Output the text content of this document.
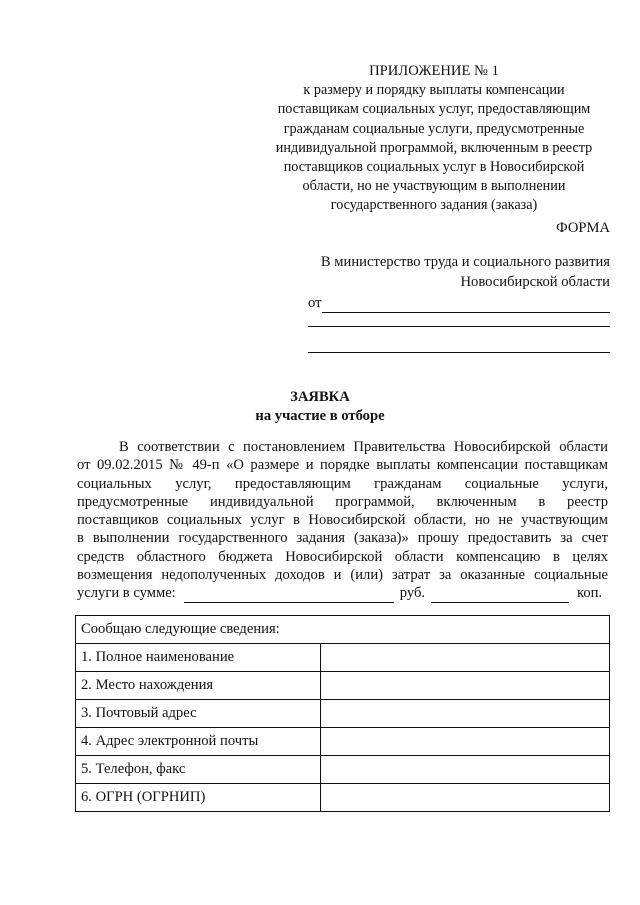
ПРИЛОЖЕНИЕ № 1
к размеру и порядку выплаты компенсации
поставщикам социальных услуг, предоставляющим
гражданам социальные услуги, предусмотренные
индивидуальной программой, включенным в реестр
поставщиков социальных услуг в Новосибирской
области, но не участвующим в выполнении
государственного задания (заказа)
ФОРМА
В министерство труда и социального развития
Новосибирской области
от
ЗАЯВКА
на участие в отборе
В соответствии с постановлением Правительства Новосибирской области
от 09.02.2015 № 49-п «О размере и порядке выплаты компенсации поставщикам
социальных услуг, предоставляющим гражданам социальные услуги,
предусмотренные индивидуальной программой, включенным в реестр
поставщиков социальных услуг в Новосибирской области, но не участвующим
в выполнении государственного задания (заказа)» прошу предоставить за счет
средств областного бюджета Новосибирской области компенсацию в целях
возмещения недополученных доходов и (или) затрат за оказанные социальные
услуги в сумме:	руб.	коп.
Сообщаю следующие сведения:	
1. Полное наименование	
2. Место нахождения	
3. Почтовый адрес	
4. Адрес электронной почты	
5. Телефон, факс	
6. ОГРН (ОГРНИП)	
